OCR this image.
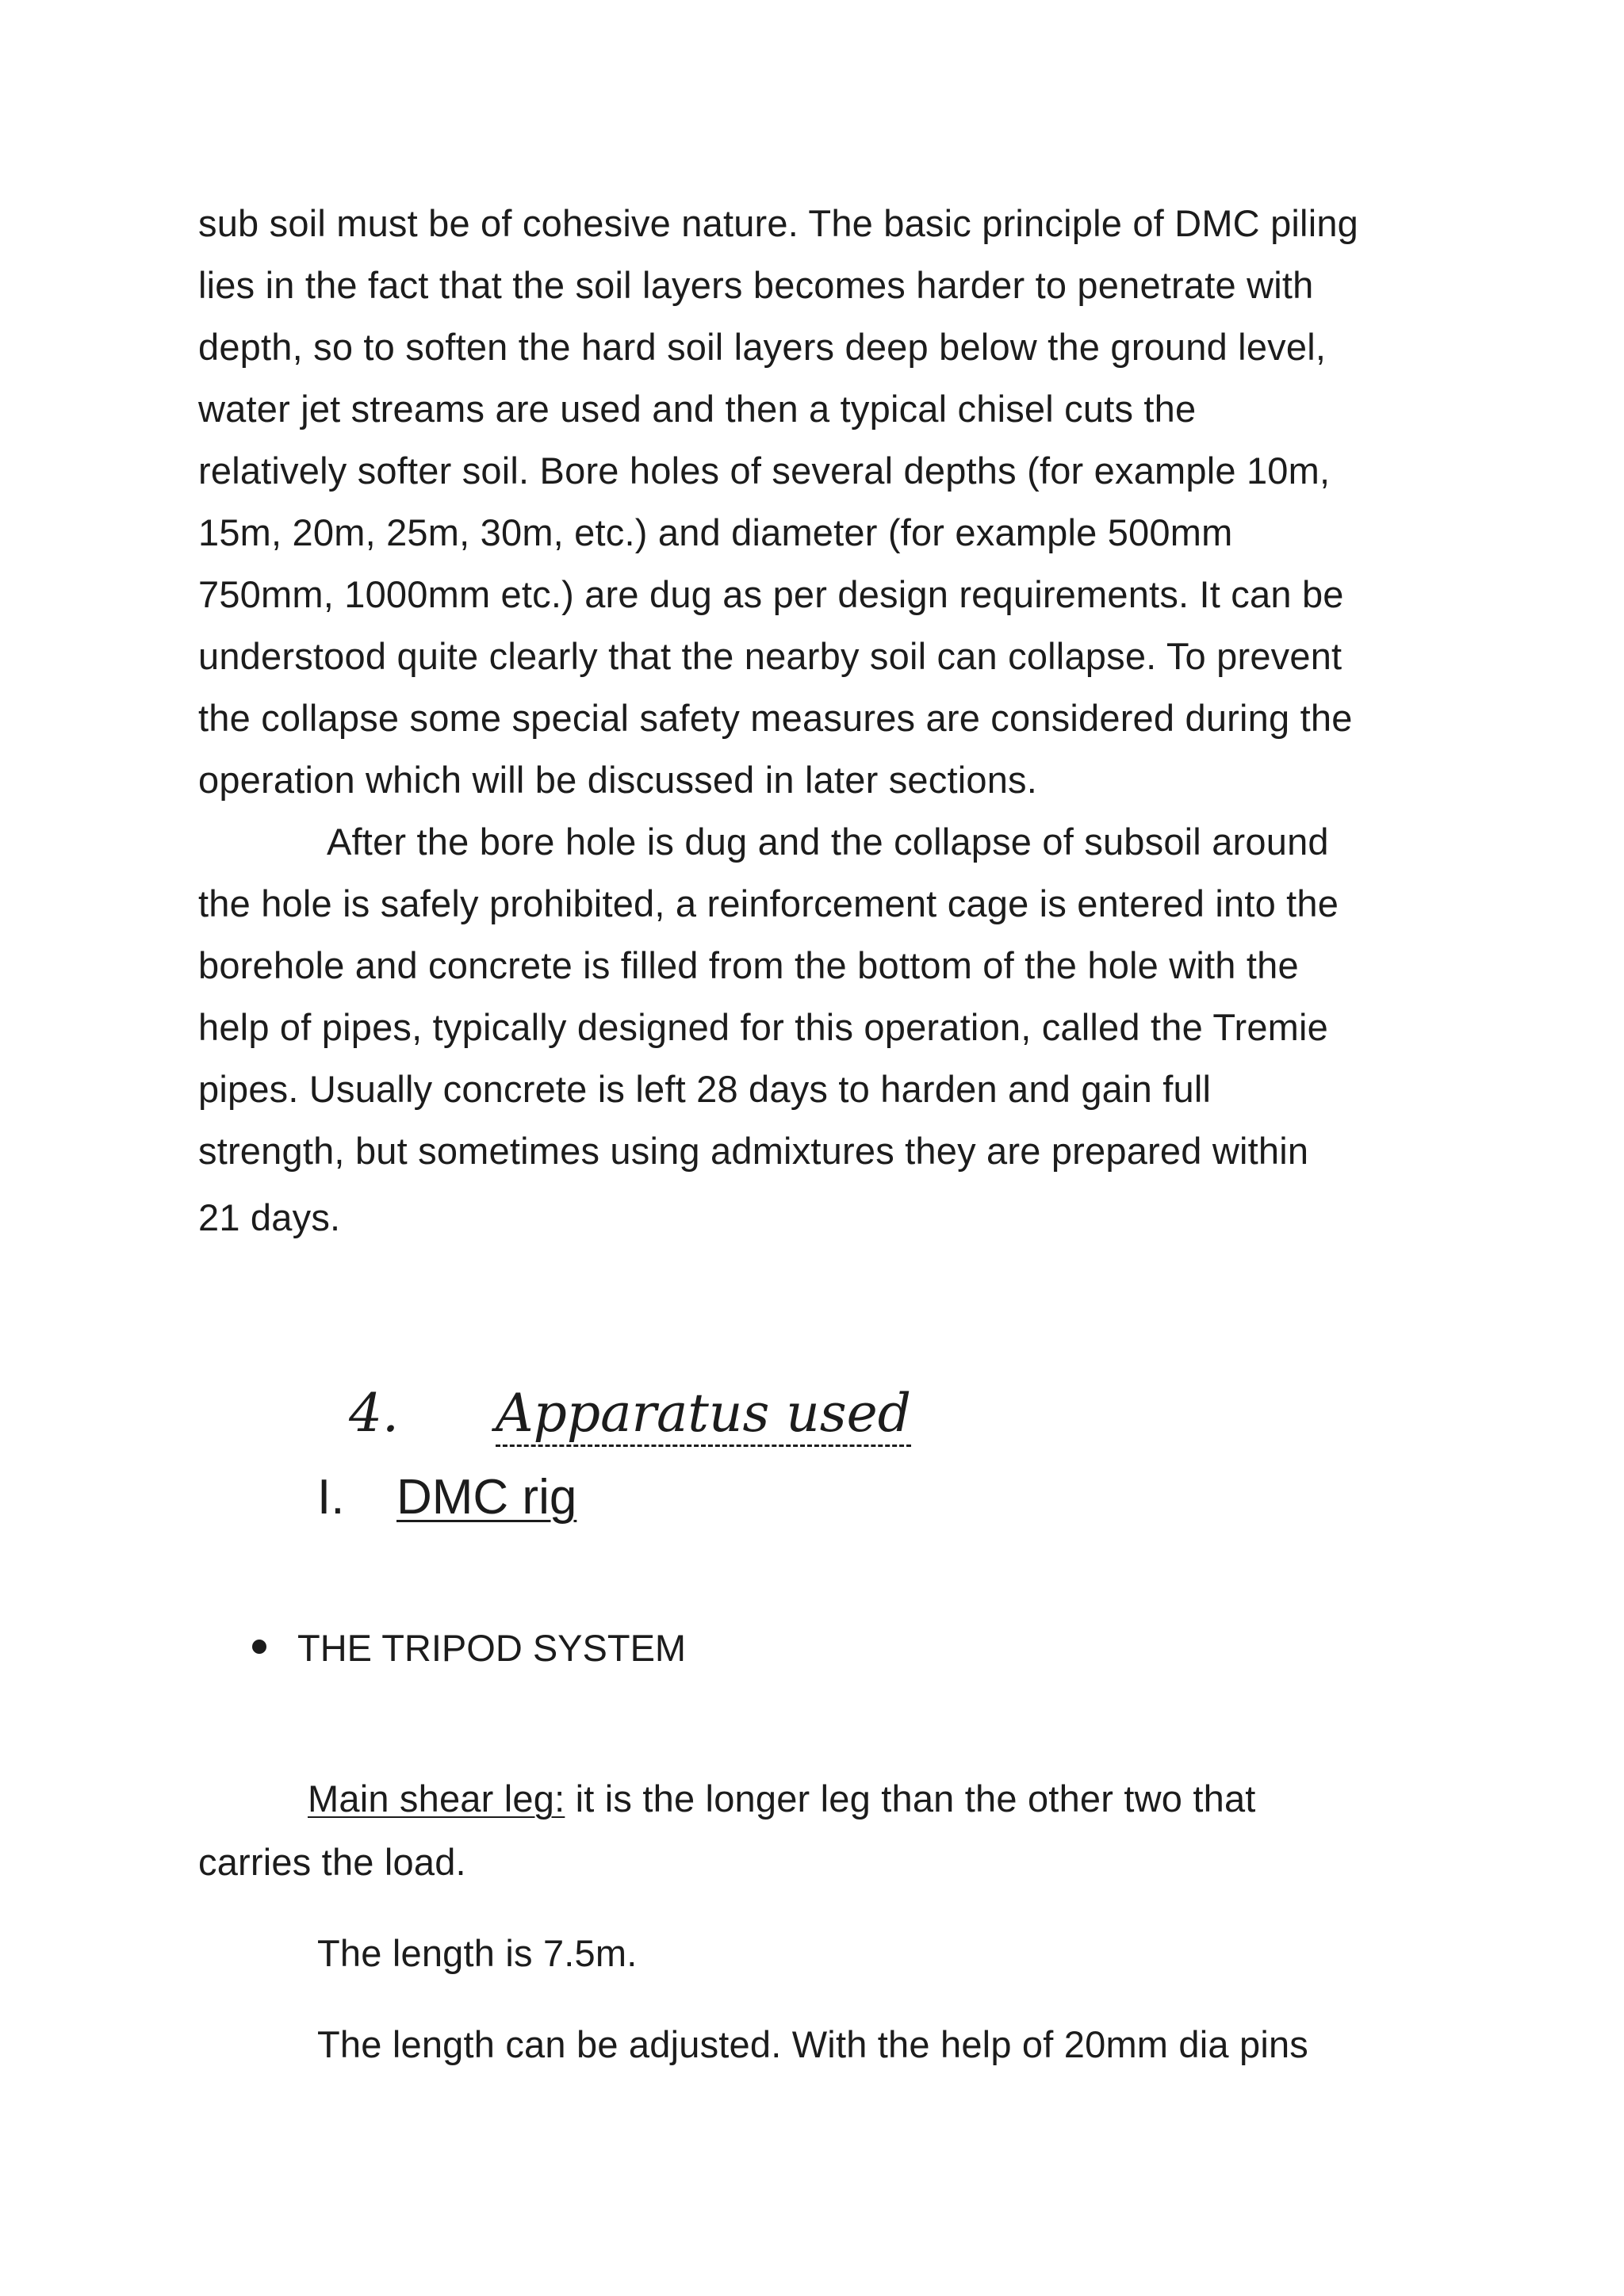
sub soil must be of cohesive nature. The basic principle of DMC piling
lies in the fact that the soil layers becomes harder to penetrate with
depth, so to soften the hard soil layers deep below the ground level,
water jet streams are used and then a typical chisel cuts the
relatively softer soil. Bore holes of several depths (for example 10m,
15m, 20m, 25m, 30m, etc.) and diameter (for example 500mm
750mm, 1000mm etc.) are dug as per design requirements. It can be
understood quite clearly that the nearby soil can collapse. To prevent
the collapse some special safety measures are considered during the
operation which will be discussed in later sections.
After the bore hole is dug and the collapse of subsoil around
the hole is safely prohibited, a reinforcement cage is entered into the
borehole and concrete is filled from the bottom of the hole with the
help of pipes, typically designed for this operation, called the Tremie
pipes. Usually concrete is left 28 days to harden and gain full
strength, but sometimes using admixtures they are prepared within
21 days.
4. Apparatus used
I. DMC rig
THE TRIPOD SYSTEM
Main shear leg: it is the longer leg than the other two that
carries the load.
The length is 7.5m.
The length can be adjusted. With the help of 20mm dia pins
